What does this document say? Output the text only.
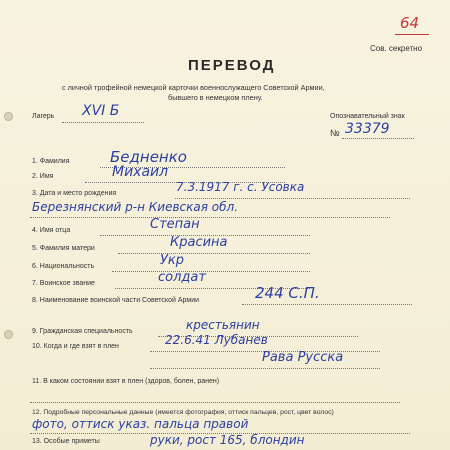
64
Сов. секретно
ПЕРЕВОД
с личной трофейной немецкой карточки военнослужащего Советской Армии,
бывшего в немецком плену.
Лагерь XVI Б	Опознавательный знак
№ 33379
1. Фамилия	Бедненко
2. Имя	Михаил
3. Дата и место рождения	7.3.1917 г. с. Усовка
Березнянский р-н Киевская обл.
4. Имя отца	Степан
5. Фамилия матери	Красина
6. Национальность	Укр
7. Воинское звание	солдат
8. Наименование воинской части Советской Армии	244 С.П.
9. Гражданская специальность	крестьянин
10. Когда и где взят в плен	22.6.41 Лубанев
Рава Русска
11. В каком состоянии взят в плен (здоров, болен, ранен)
12. Подробные персональные данные (имеется фотография, оттиск пальцев, рост, цвет волос)
фото, оттиск указ. пальца правой
13. Особые приметы	руки, рост 165, блондин
